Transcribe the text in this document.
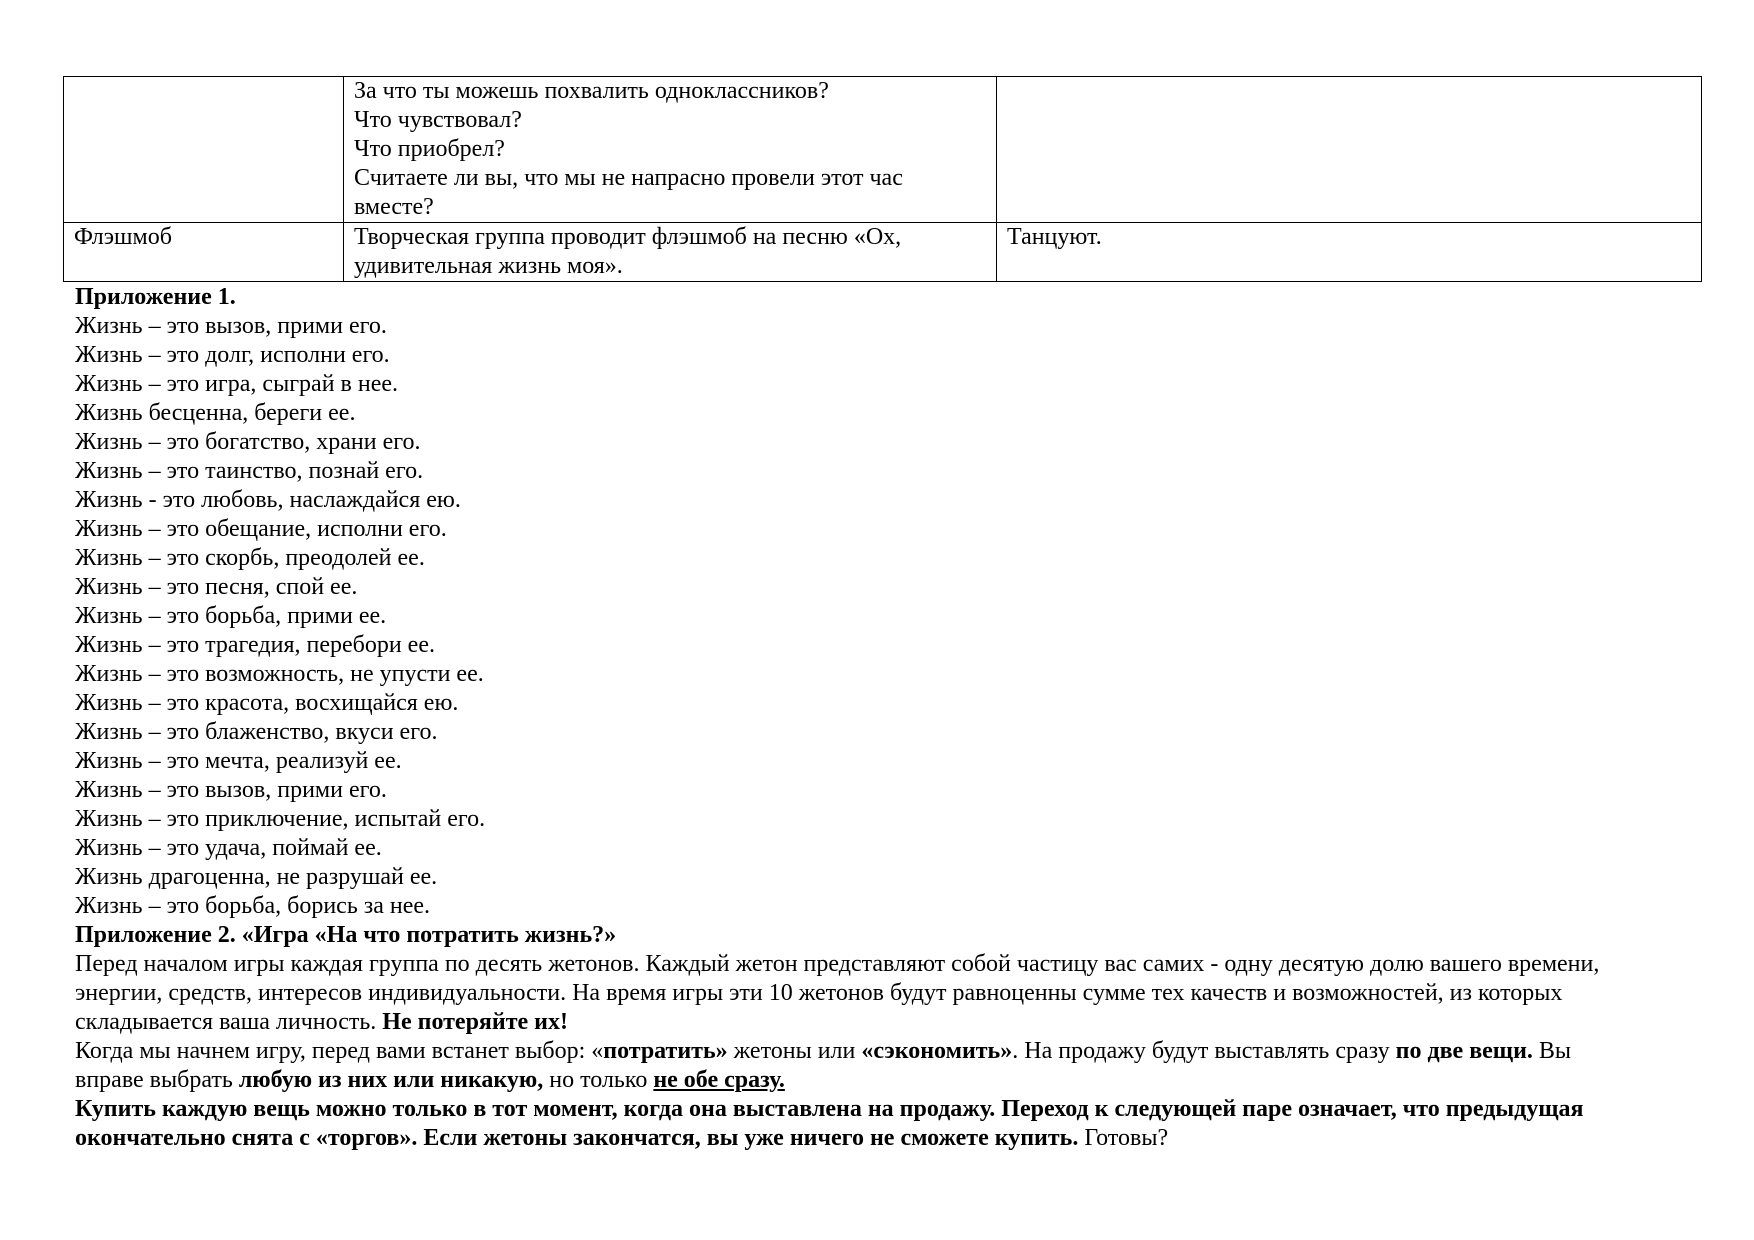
	За что ты можешь похвалить одноклассников?
Что чувствовал?
Что приобрел?
Считаете ли вы, что мы не напрасно провели этот час
вместе?	

Флэшмоб	Творческая группа проводит флэшмоб на песню «Ох,
удивительная жизнь моя».	Танцуют.

Приложение 1.

Жизнь – это вызов, прими его.
Жизнь – это долг, исполни его.
Жизнь – это игра, сыграй в нее.
Жизнь бесценна, береги ее.
Жизнь – это богатство, храни его.
Жизнь – это таинство, познай его.
Жизнь - это любовь, наслаждайся ею.
Жизнь – это обещание, исполни его.
Жизнь – это скорбь, преодолей ее.
Жизнь – это песня, спой ее.
Жизнь – это борьба, прими ее.
Жизнь – это трагедия, перебори ее.
Жизнь – это возможность, не упусти ее.
Жизнь – это красота, восхищайся ею.
Жизнь – это блаженство, вкуси его.
Жизнь – это мечта, реализуй ее.
Жизнь – это вызов, прими его.
Жизнь – это приключение, испытай его.
Жизнь – это удача, поймай ее.
Жизнь драгоценна, не разрушай ее.
Жизнь – это борьба, борись за нее.

Приложение 2. «Игра «На что потратить жизнь?»

Перед началом игры каждая группа по десять жетонов. Каждый жетон представляют собой частицу вас самих - одну десятую долю вашего времени,
энергии, средств, интересов индивидуальности. На время игры эти 10 жетонов будут равноценны сумме тех качеств и возможностей, из которых
складывается ваша личность. Не потеряйте их!

Когда мы начнем игру, перед вами встанет выбор: «потратить» жетоны или «сэкономить». На продажу будут выставлять сразу по две вещи. Вы
вправе выбрать любую из них или никакую, но только не обе сразу.

Купить каждую вещь можно только в тот момент, когда она выставлена на продажу. Переход к следующей паре означает, что предыдущая
окончательно снята с «торгов». Если жетоны закончатся, вы уже ничего не сможете купить. Готовы?
